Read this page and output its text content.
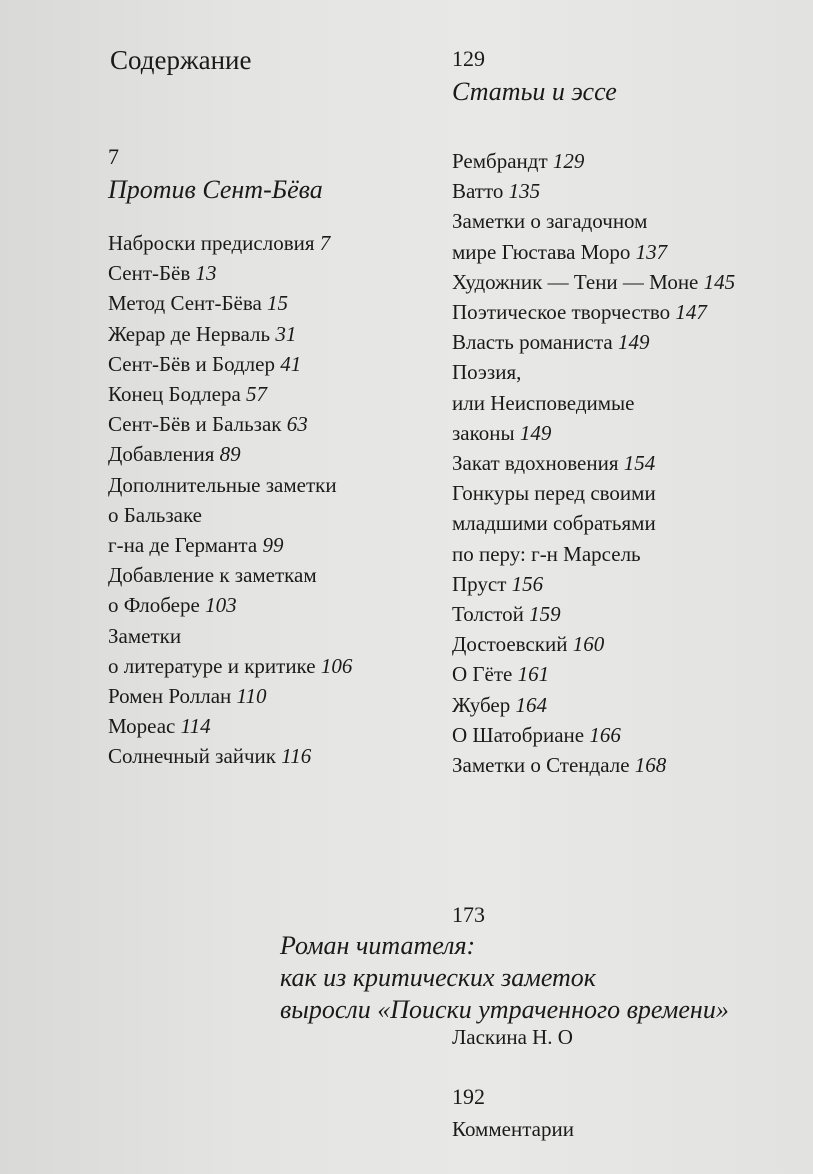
Содержание
7
Против Сент-Бёва
Наброски предисловия 7
Сент-Бёв 13
Метод Сент-Бёва 15
Жерар де Нерваль 31
Сент-Бёв и Бодлер 41
Конец Бодлера 57
Сент-Бёв и Бальзак 63
Добавления 89
Дополнительные заметки
о Бальзаке
г-на де Германта 99
Добавление к заметкам
о Флобере 103
Заметки
о литературе и критике 106
Ромен Роллан 110
Мореас 114
Солнечный зайчик 116
129
Статьи и эссе
Рембрандт 129
Ватто 135
Заметки о загадочном
мире Гюстава Моро 137
Художник — Тени — Моне 145
Поэтическое творчество 147
Власть романиста 149
Поэзия,
или Неисповедимые
законы 149
Закат вдохновения 154
Гонкуры перед своими
младшими собратьями
по перу: г-н Марсель
Пруст 156
Толстой 159
Достоевский 160
О Гёте 161
Жубер 164
О Шатобриане 166
Заметки о Стендале 168
173
Роман читателя:
как из критических заметок
выросли «Поиски утраченного времени»
Ласкина Н. О
192
Комментарии
